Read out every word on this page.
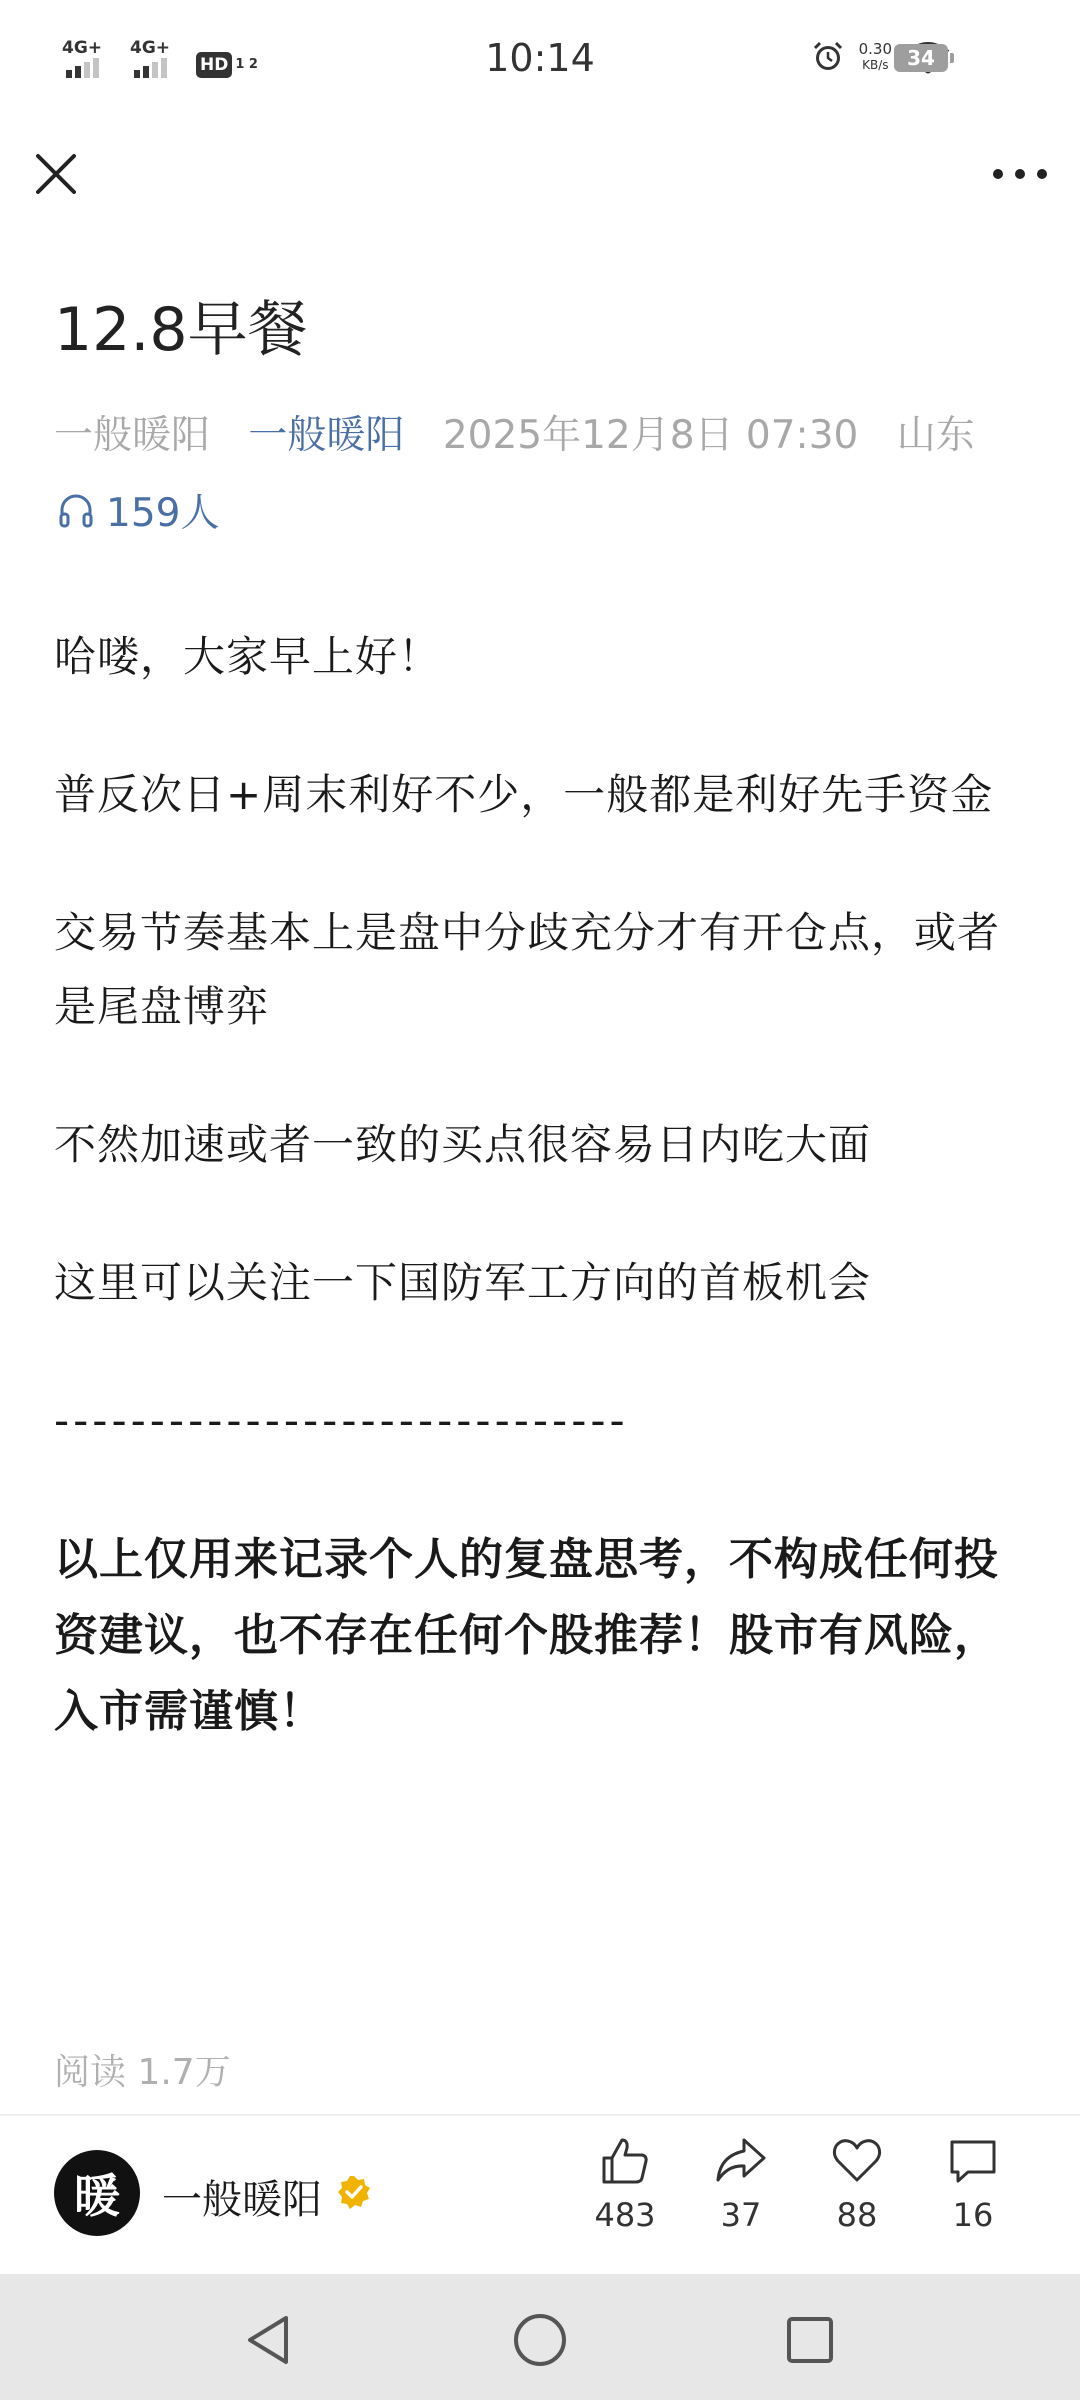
4G+ 4G+
HD 1 2	10:14	0.30
KB/s 34
12.8早餐
一般暖阳 一般暖阳 2025年12月8日 07:30 山东
159人

哈喽，大家早上好！

普反次日+周末利好不少，一般都是利好先手资金

交易节奏基本上是盘中分歧充分才有开仓点，或者是尾盘博弈

不然加速或者一致的买点很容易日内吃大面

这里可以关注一下国防军工方向的首板机会

------------------------------

以上仅用来记录个人的复盘思考，不构成任何投资建议，也不存在任何个股推荐！股市有风险，入市需谨慎！

阅读 1.7万
暖 一般暖阳	483	37	88	16
